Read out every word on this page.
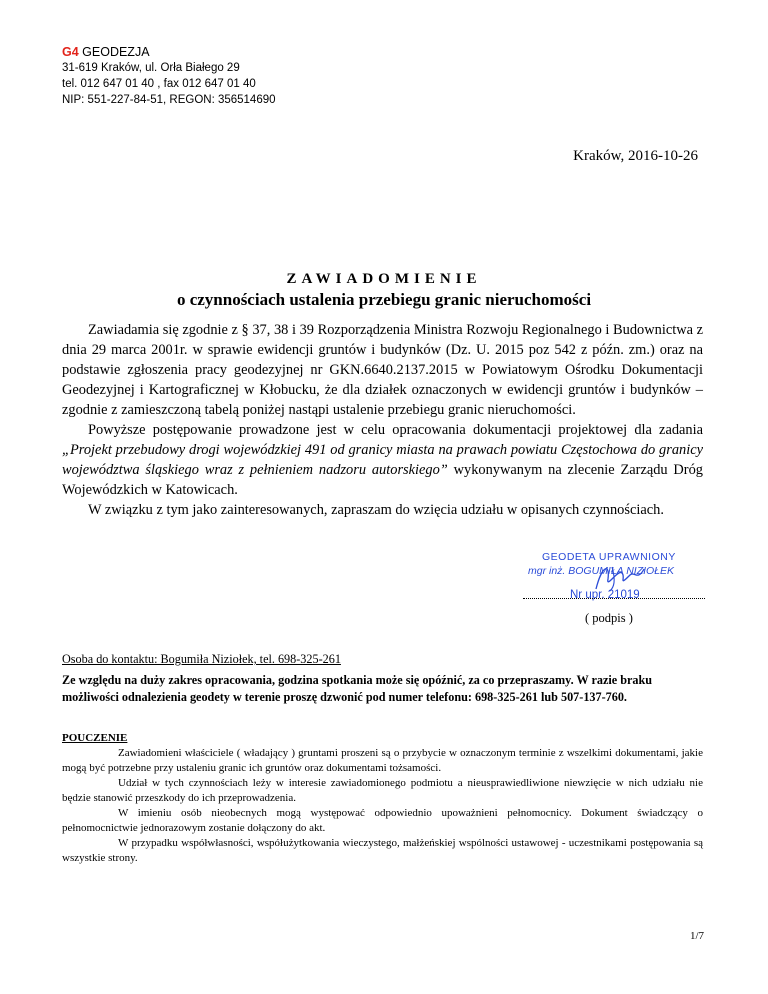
G4 GEODEZJA
31-619 Kraków, ul. Orła Białego 29
tel. 012 647 01 40 , fax 012 647 01 40
NIP: 551-227-84-51, REGON: 356514690

Kraków, 2016-10-26
ZAWIADOMIENIE
o czynnościach ustalenia przebiegu granic nieruchomości

Zawiadamia się zgodnie z § 37, 38 i 39 Rozporządzenia Ministra Rozwoju Regionalnego i Budownictwa z dnia 29 marca 2001r. w sprawie ewidencji gruntów i budynków (Dz. U. 2015 poz 542 z późn. zm.) oraz na podstawie zgłoszenia pracy geodezyjnej nr GKN.6640.2137.2015 w Powiatowym Ośrodku Dokumentacji Geodezyjnej i Kartograficznej w Kłobucku, że dla działek oznaczonych w ewidencji gruntów i budynków – zgodnie z zamieszczoną tabelą poniżej nastąpi ustalenie przebiegu granic nieruchomości.

Powyższe postępowanie prowadzone jest w celu opracowania dokumentacji projektowej dla zadania „Projekt przebudowy drogi wojewódzkiej 491 od granicy miasta na prawach powiatu Częstochowa do granicy województwa śląskiego wraz z pełnieniem nadzoru autorskiego” wykonywanym na zlecenie Zarządu Dróg Wojewódzkich w Katowicach.

W związku z tym jako zainteresowanych, zapraszam do wzięcia udziału w opisanych czynnościach.

GEODETA UPRAWNIONY
mgr inż. BOGUMIŁA NIZIOŁEK
Nr upr. 21019
( podpis )
Osoba do kontaktu: Bogumiła Niziołek, tel. 698-325-261
Ze względu na duży zakres opracowania, godzina spotkania może się opóźnić, za co przepraszamy. W razie braku możliwości odnalezienia geodety w terenie proszę dzwonić pod numer telefonu: 698-325-261 lub 507-137-760.
POUCZENIE

Zawiadomieni właściciele ( władający ) gruntami proszeni są o przybycie w oznaczonym terminie z wszelkimi dokumentami, jakie mogą być potrzebne przy ustaleniu granic ich gruntów oraz dokumentami tożsamości.

Udział w tych czynnościach leży w interesie zawiadomionego podmiotu a nieusprawiedliwione niewzięcie w nich udziału nie będzie stanowić przeszkody do ich przeprowadzenia.

W imieniu osób nieobecnych mogą występować odpowiednio upoważnieni pełnomocnicy. Dokument świadczący o pełnomocnictwie jednorazowym zostanie dołączony do akt.

W przypadku współwłasności, współużytkowania wieczystego, małżeńskiej wspólności ustawowej - uczestnikami postępowania są wszystkie strony.

1/7
